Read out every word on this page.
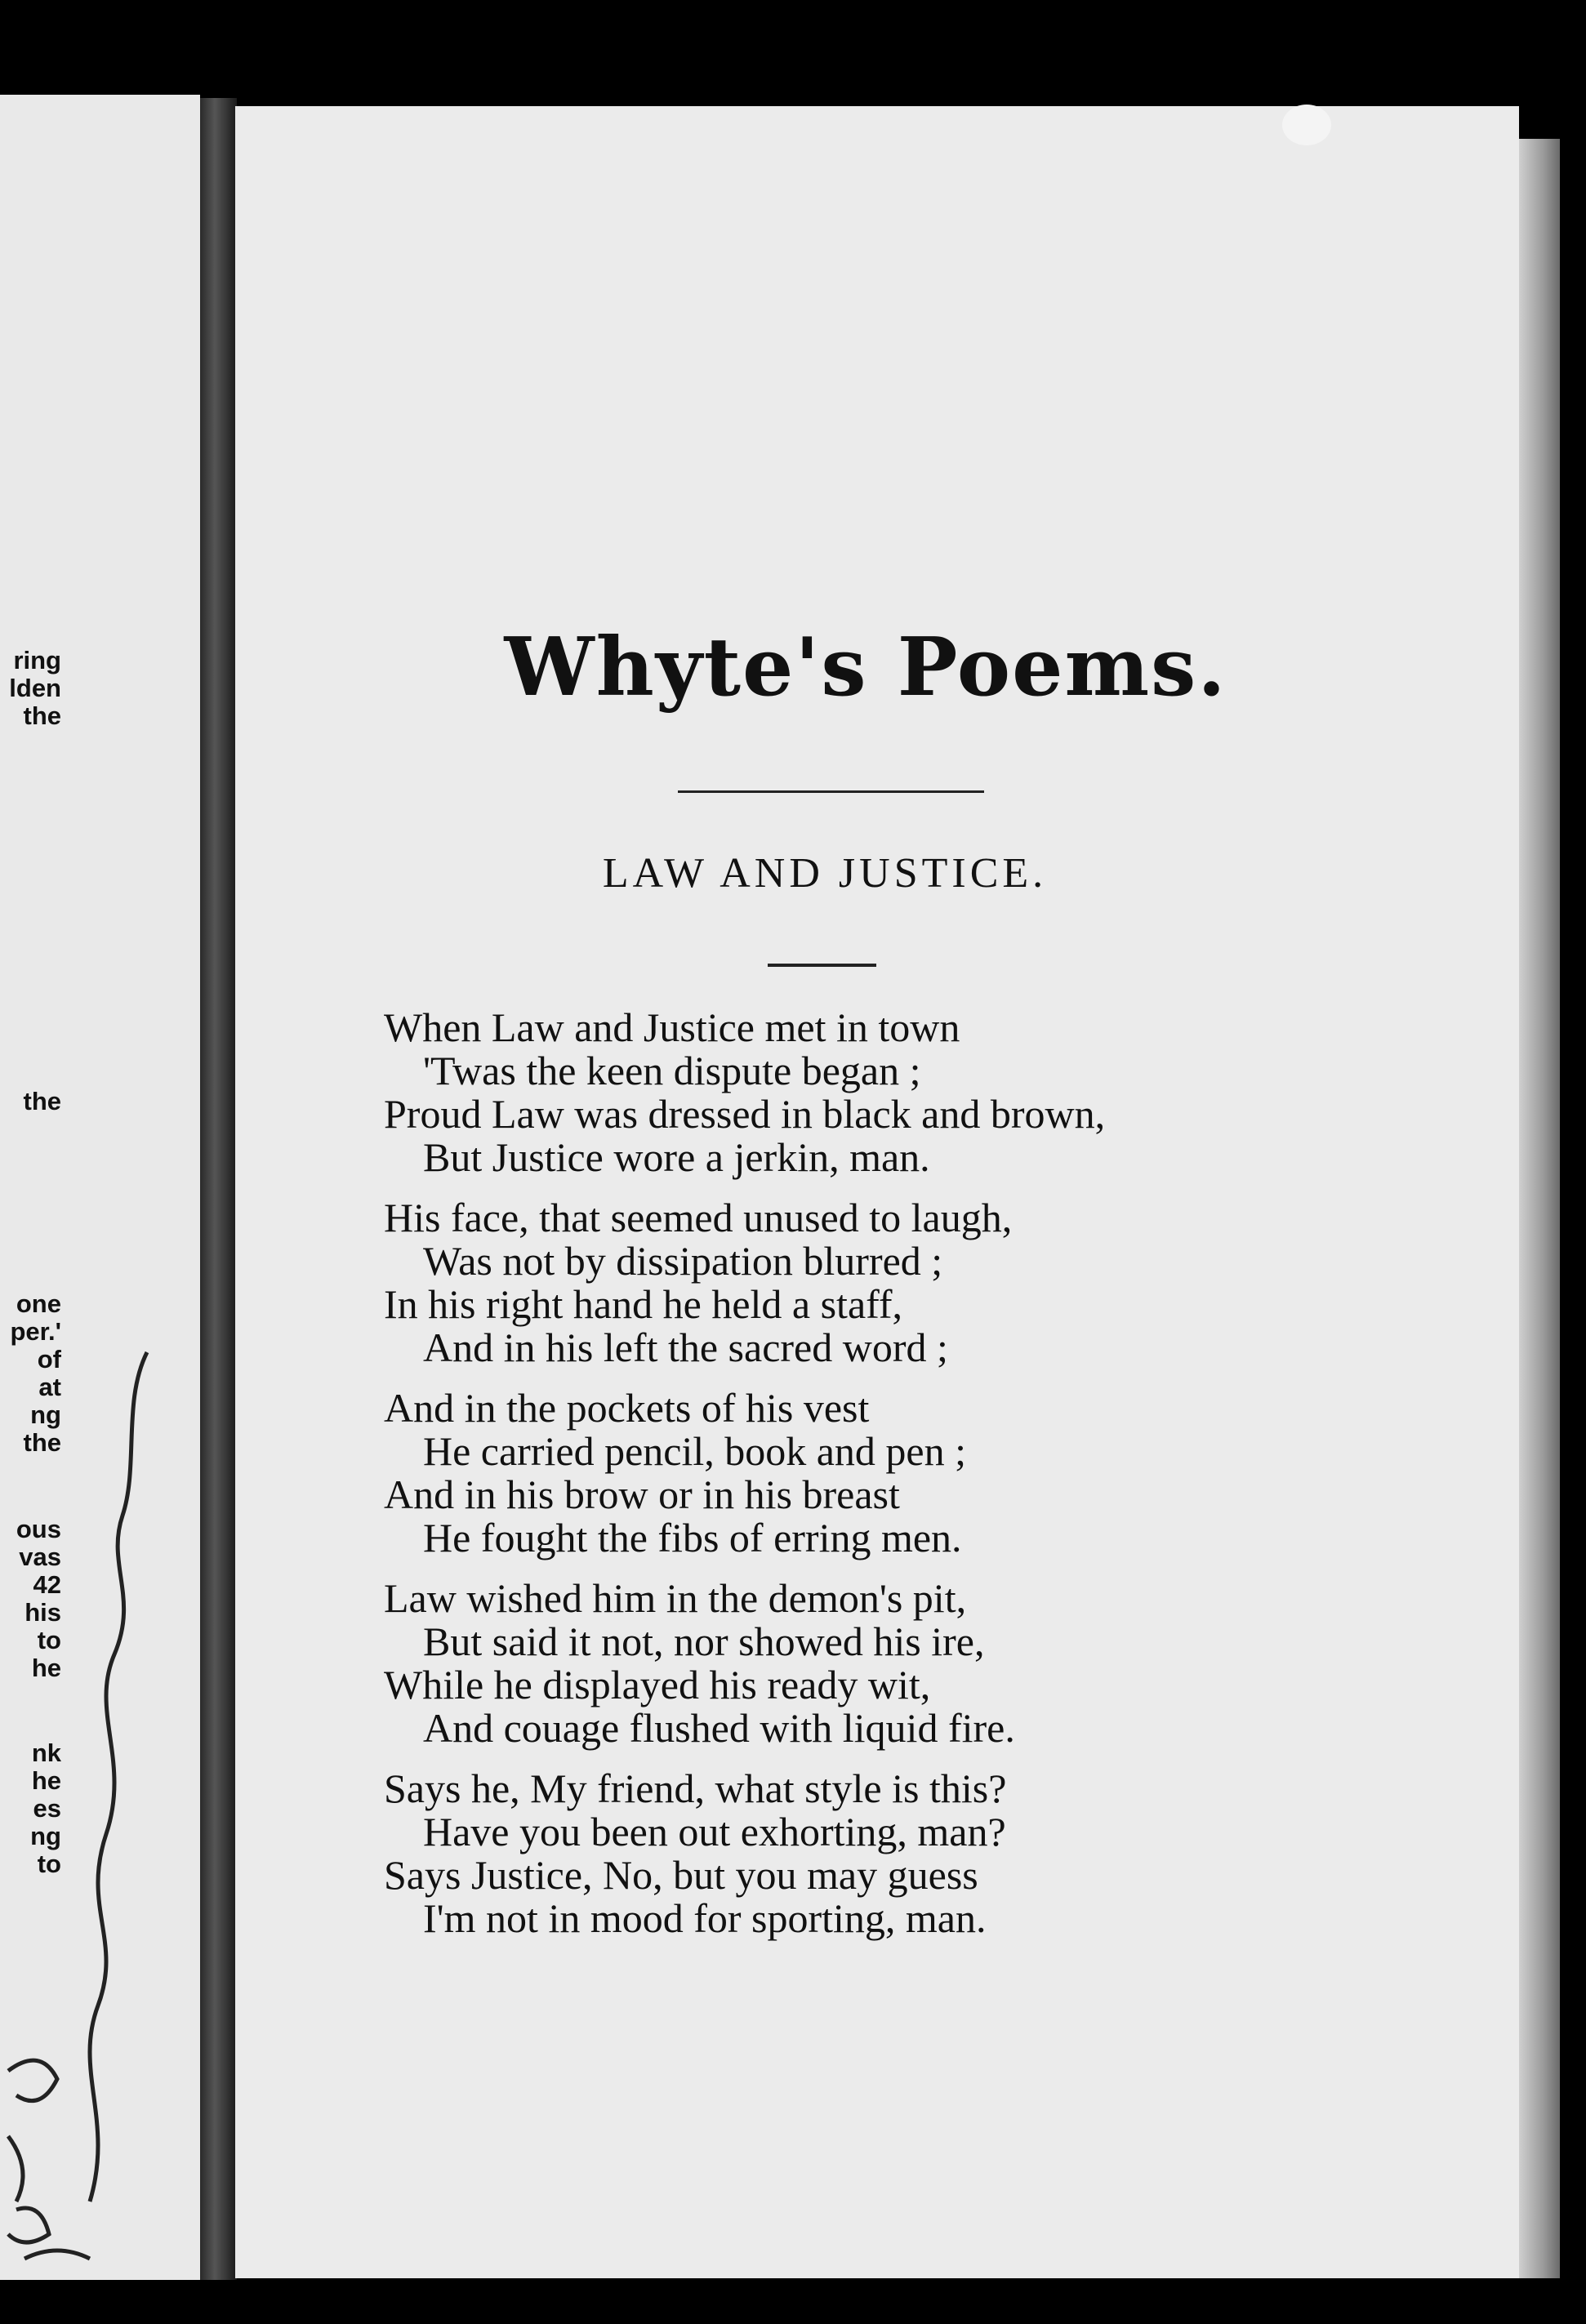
ring
lden
the
the
one
per.'
of
at
ng
the
ous
vas
42
his
to
he
nk
he
es
ng
to
Whyte's Poems.
LAW AND JUSTICE.
When Law and Justice met in town
'Twas the keen dispute began ;
Proud Law was dressed in black and brown,
But Justice wore a jerkin, man.
His face, that seemed unused to laugh,
Was not by dissipation blurred ;
In his right hand he held a staff,
And in his left the sacred word ;
And in the pockets of his vest
He carried pencil, book and pen ;
And in his brow or in his breast
He fought the fibs of erring men.
Law wished him in the demon's pit,
But said it not, nor showed his ire,
While he displayed his ready wit,
And couage flushed with liquid fire.
Says he, My friend, what style is this?
Have you been out exhorting, man?
Says Justice, No, but you may guess
I'm not in mood for sporting, man.
